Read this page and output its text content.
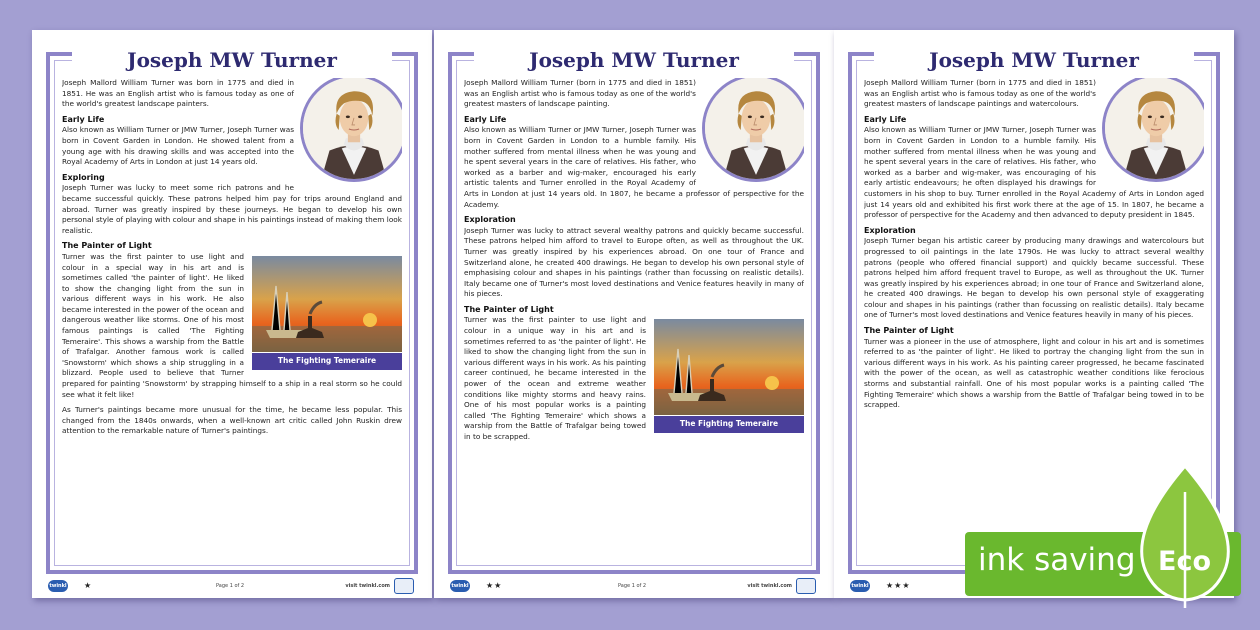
Joseph MW Turner

Joseph Mallord William Turner was born in 1775 and died in 1851. He was an English artist who is famous today as one of the world's greatest landscape painters.

Early Life

Also known as William Turner or JMW Turner, Joseph Turner was born in Covent Garden in London. He showed talent from a young age with his drawing skills and was accepted into the Royal Academy of Arts in London at just 14 years old.

Exploring

Joseph Turner was lucky to meet some rich patrons and he became successful quickly. These patrons helped him pay for trips around England and abroad. Turner was greatly inspired by these journeys. He began to develop his own personal style of playing with colour and shape in his paintings instead of making them look realistic.

The Painter of Light
The Fighting Temeraire

Turner was the first painter to use light and colour in a special way in his art and is sometimes called 'the painter of light'. He liked to show the changing light from the sun in various different ways in his work. He also became interested in the power of the ocean and dangerous weather like storms. One of his most famous paintings is called 'The Fighting Temeraire'. This shows a warship from the Battle of Trafalgar. Another famous work is called 'Snowstorm' which shows a ship struggling in a blizzard. People used to believe that Turner prepared for painting 'Snowstorm' by strapping himself to a ship in a real storm so he could see what it felt like!

As Turner's paintings became more unusual for the time, he became less popular. This changed from the 1840s onwards, when a well-known art critic called John Ruskin drew attention to the remarkable nature of Turner's paintings.

twinkl ★	Page 1 of 2	visit twinkl.com
Joseph MW Turner

Joseph Mallord William Turner (born in 1775 and died in 1851) was an English artist who is famous today as one of the world's greatest masters of landscape painting.

Early Life

Also known as William Turner or JMW Turner, Joseph Turner was born in Covent Garden in London to a humble family. His mother suffered from mental illness when he was young and he spent several years in the care of relatives. His father, who worked as a barber and wig-maker, encouraged his early artistic talents and Turner enrolled in the Royal Academy of Arts in London at just 14 years old. In 1807, he became a professor of perspective for the Academy.

Exploration

Joseph Turner was lucky to attract several wealthy patrons and quickly became successful. These patrons helped him afford to travel to Europe often, as well as throughout the UK. Turner was greatly inspired by his experiences abroad. On one tour of France and Switzerland alone, he created 400 drawings. He began to develop his own personal style of emphasising colour and shapes in his paintings (rather than focussing on realistic details). Italy became one of Turner's most loved destinations and Venice features heavily in many of his pieces.

The Painter of Light
The Fighting Temeraire

Turner was the first painter to use light and colour in a unique way in his art and is sometimes referred to as 'the painter of light'. He liked to show the changing light from the sun in various different ways in his work. As his painting career continued, he became interested in the power of the ocean and extreme weather conditions like mighty storms and heavy rains. One of his most popular works is a painting called 'The Fighting Temeraire' which shows a warship from the Battle of Trafalgar being towed in to be scrapped.

twinkl ★★	Page 1 of 2	visit twinkl.com
Joseph MW Turner

Joseph Mallord William Turner (born in 1775 and died in 1851) was an English artist who is famous today as one of the world's greatest masters of landscape paintings and watercolours.

Early Life

Also known as William Turner or JMW Turner, Joseph Turner was born in Covent Garden in London to a humble family. His mother suffered from mental illness when he was young and he spent several years in the care of relatives. His father, who worked as a barber and wig-maker, was encouraging of his early artistic endeavours; he often displayed his drawings for customers in his shop to buy. Turner enrolled in the Royal Academy of Arts in London aged just 14 years old and exhibited his first work there at the age of 15. In 1807, he became a professor of perspective for the Academy and then advanced to deputy president in 1845.

Exploration

Joseph Turner began his artistic career by producing many drawings and watercolours but progressed to oil paintings in the late 1790s. He was lucky to attract several wealthy patrons (people who offered financial support) and quickly became successful. These patrons helped him afford frequent travel to Europe, as well as throughout the UK. Turner was greatly inspired by his experiences abroad; in one tour of France and Switzerland alone, he created 400 drawings. He began to develop his own personal style of exaggerating colour and shapes in his paintings (rather than focussing on realistic details). Italy became one of Turner's most loved destinations and Venice features heavily in many of his pieces.

The Painter of Light

Turner was a pioneer in the use of atmosphere, light and colour in his art and is sometimes referred to as 'the painter of light'. He liked to portray the changing light from the sun in various different ways in his work. As his painting career progressed, he became fascinated with the power of the ocean, as well as catastrophic weather conditions like ferocious storms and substantial rainfall. One of his most popular works is a painting called 'The Fighting Temeraire' which shows a warship from the Battle of Trafalgar being towed in to be scrapped.

twinkl ★★★
ink saving Eco
